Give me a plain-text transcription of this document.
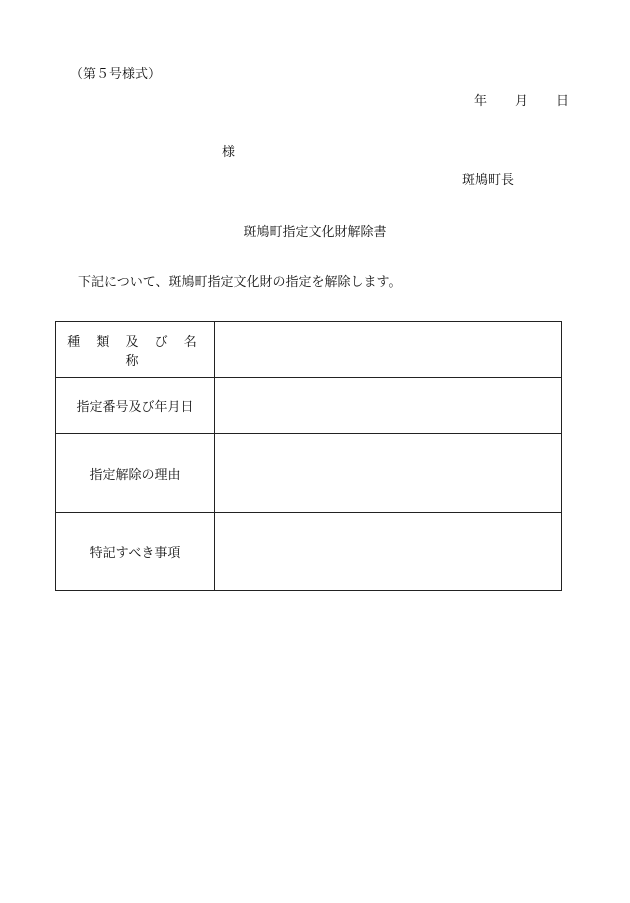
（第５号様式）
年 月 日
様
斑鳩町長
斑鳩町指定文化財解除書
下記について、斑鳩町指定文化財の指定を解除します。
種 類 及 び 名 称	
指定番号及び年月日	
指定解除の理由	
特記すべき事項	
